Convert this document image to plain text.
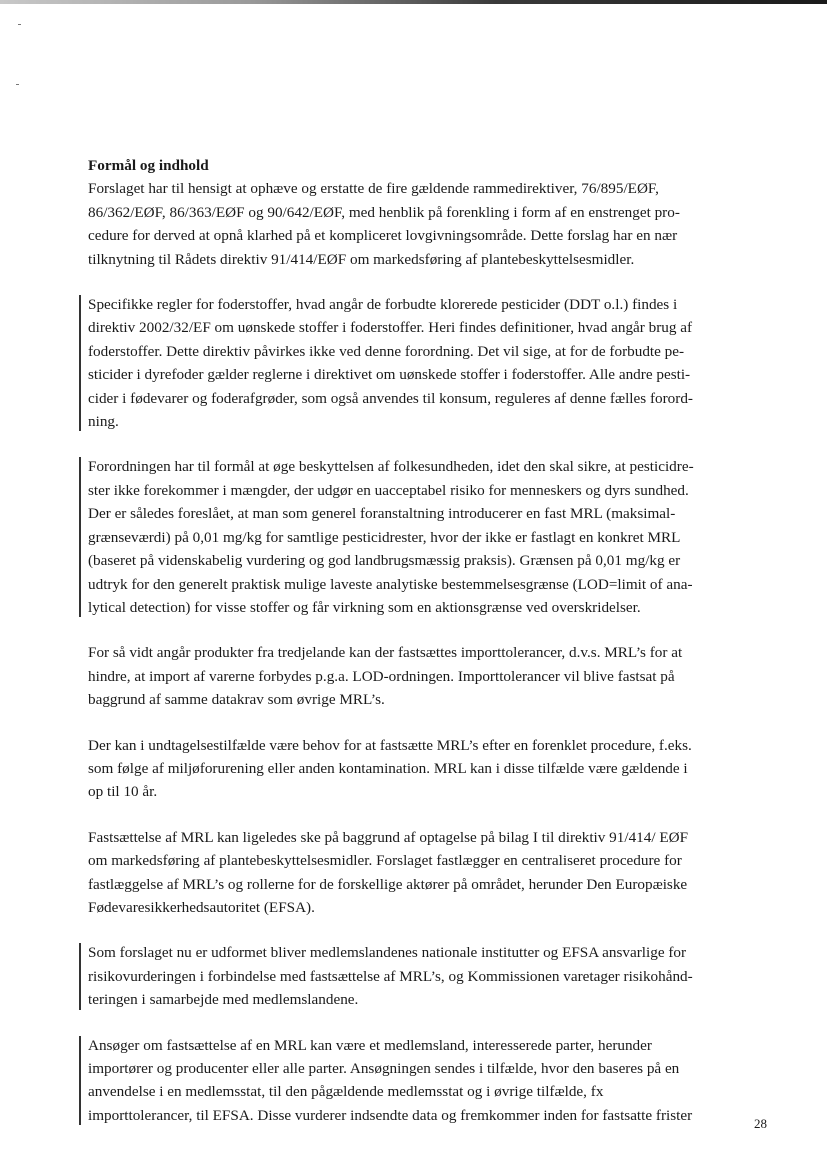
Formål og indhold

Forslaget har til hensigt at ophæve og erstatte de fire gældende rammedirektiver, 76/895/EØF,
86/362/EØF, 86/363/EØF og 90/642/EØF, med henblik på forenkling i form af en enstrenget pro-
cedure for derved at opnå klarhed på et kompliceret lovgivningsområde. Dette forslag har en nær
tilknytning til Rådets direktiv 91/414/EØF om markedsføring af plantebeskyttelsesmidler.
Specifikke regler for foderstoffer, hvad angår de forbudte klorerede pesticider (DDT o.l.) findes i
direktiv 2002/32/EF om uønskede stoffer i foderstoffer. Heri findes definitioner, hvad angår brug af
foderstoffer. Dette direktiv påvirkes ikke ved denne forordning. Det vil sige, at for de forbudte pe-
sticider i dyrefoder gælder reglerne i direktivet om uønskede stoffer i foderstoffer. Alle andre pesti-
cider i fødevarer og foderafgrøder, som også anvendes til konsum, reguleres af denne fælles forord-
ning.
Forordningen har til formål at øge beskyttelsen af folkesundheden, idet den skal sikre, at pesticidre-
ster ikke forekommer i mængder, der udgør en uacceptabel risiko for menneskers og dyrs sundhed.
Der er således foreslået, at man som generel foranstaltning introducerer en fast MRL (maksimal-
grænseværdi) på 0,01 mg/kg for samtlige pesticidrester, hvor der ikke er fastlagt en konkret MRL
(baseret på videnskabelig vurdering og god landbrugsmæssig praksis). Grænsen på 0,01 mg/kg er
udtryk for den generelt praktisk mulige laveste analytiske bestemmelsesgrænse (LOD=limit of ana-
lytical detection) for visse stoffer og får virkning som en aktionsgrænse ved overskridelser.
For så vidt angår produkter fra tredjelande kan der fastsættes importtolerancer, d.v.s. MRL’s for at
hindre, at import af varerne forbydes p.g.a. LOD-ordningen. Importtolerancer vil blive fastsat på
baggrund af samme datakrav som øvrige MRL’s.
Der kan i undtagelsestilfælde være behov for at fastsætte MRL’s efter en forenklet procedure, f.eks.
som følge af miljøforurening eller anden kontamination. MRL kan i disse tilfælde være gældende i
op til 10 år.
Fastsættelse af MRL kan ligeledes ske på baggrund af optagelse på bilag I til direktiv 91/414/ EØF
om markedsføring af plantebeskyttelsesmidler. Forslaget fastlægger en centraliseret procedure for
fastlæggelse af MRL’s og rollerne for de forskellige aktører på området, herunder Den Europæiske
Fødevaresikkerhedsautoritet (EFSA).
Som forslaget nu er udformet bliver medlemslandenes nationale institutter og EFSA ansvarlige for
risikovurderingen i forbindelse med fastsættelse af MRL’s, og Kommissionen varetager risikohånd-
teringen i samarbejde med medlemslandene.
Ansøger om fastsættelse af en MRL kan være et medlemsland, interesserede parter, herunder
importører og producenter eller alle parter. Ansøgningen sendes i tilfælde, hvor den baseres på en
anvendelse i en medlemsstat, til den pågældende medlemsstat og i øvrige tilfælde, fx
importtolerancer, til EFSA. Disse vurderer indsendte data og fremkommer inden for fastsatte frister	28
